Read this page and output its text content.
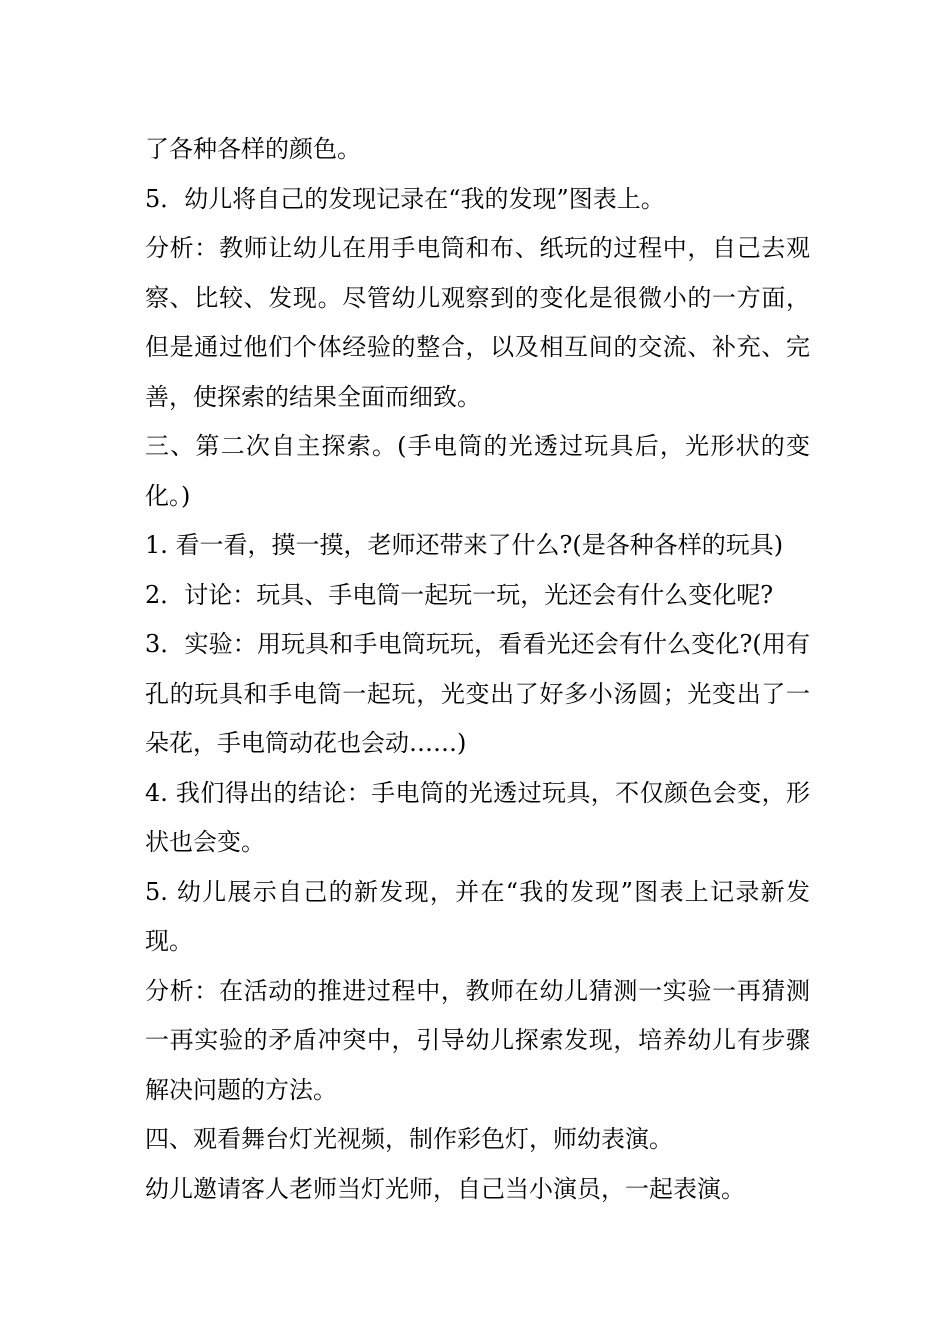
了各种各样的颜色。

5．幼儿将自己的发现记录在“我的发现”图表上。

分析：教师让幼儿在用手电筒和布、纸玩的过程中，自己去观察、比较、发现。尽管幼儿观察到的变化是很微小的一方面，但是通过他们个体经验的整合，以及相互间的交流、补充、完善，使探索的结果全面而细致。

三、第二次自主探索。(手电筒的光透过玩具后，光形状的变化。)

1. 看一看，摸一摸，老师还带来了什么?(是各种各样的玩具)

2．讨论：玩具、手电筒一起玩一玩，光还会有什么变化呢?

3．实验：用玩具和手电筒玩玩，看看光还会有什么变化?(用有孔的玩具和手电筒一起玩，光变出了好多小汤圆；光变出了一朵花，手电筒动花也会动……)

4. 我们得出的结论：手电筒的光透过玩具，不仅颜色会变，形状也会变。

5. 幼儿展示自己的新发现，并在“我的发现”图表上记录新发现。

分析：在活动的推进过程中，教师在幼儿猜测一实验一再猜测一再实验的矛盾冲突中，引导幼儿探索发现，培养幼儿有步骤解决问题的方法。

四、观看舞台灯光视频，制作彩色灯，师幼表演。

幼儿邀请客人老师当灯光师，自己当小演员，一起表演。
